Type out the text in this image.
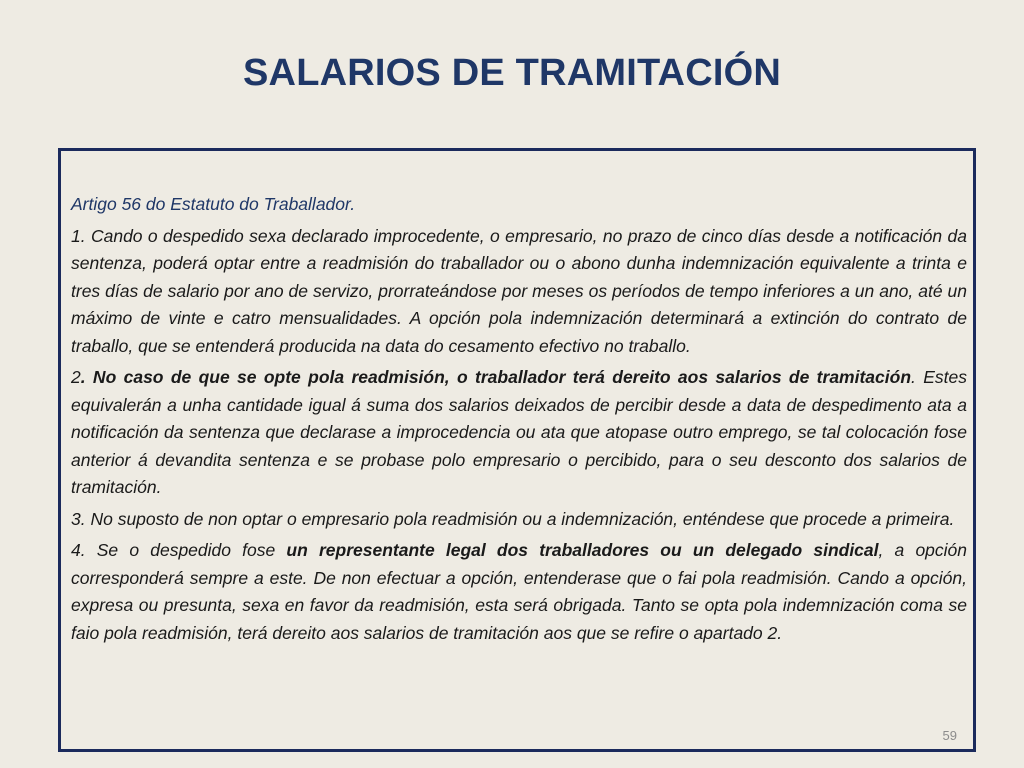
SALARIOS DE TRAMITACIÓN

Artigo 56 do Estatuto do Traballador.

1. Cando o despedido sexa declarado improcedente, o empresario, no prazo de cinco días desde a notificación da sentenza, poderá optar entre a readmisión do traballador ou o abono dunha indemnización equivalente a trinta e tres días de salario por ano de servizo, prorrateándose por meses os períodos de tempo inferiores a un ano, até un máximo de vinte e catro mensualidades. A opción pola indemnización determinará a extinción do contrato de traballo, que se entenderá producida na data do cesamento efectivo no traballo.

2. No caso de que se opte pola readmisión, o traballador terá dereito aos salarios de tramitación. Estes equivalerán a unha cantidade igual á suma dos salarios deixados de percibir desde a data de despedimento ata a notificación da sentenza que declarase a improcedencia ou ata que atopase outro emprego, se tal colocación fose anterior á devandita sentenza e se probase polo empresario o percibido, para o seu desconto dos salarios de tramitación.

3. No suposto de non optar o empresario pola readmisión ou a indemnización, enténdese que procede a primeira.

4. Se o despedido fose un representante legal dos traballadores ou un delegado sindical, a opción corresponderá sempre a este. De non efectuar a opción, entenderase que o fai pola readmisión. Cando a opción, expresa ou presunta, sexa en favor da readmisión, esta será obrigada. Tanto se opta pola indemnización coma se faio pola readmisión, terá dereito aos salarios de tramitación aos que se refire o apartado 2.

59
